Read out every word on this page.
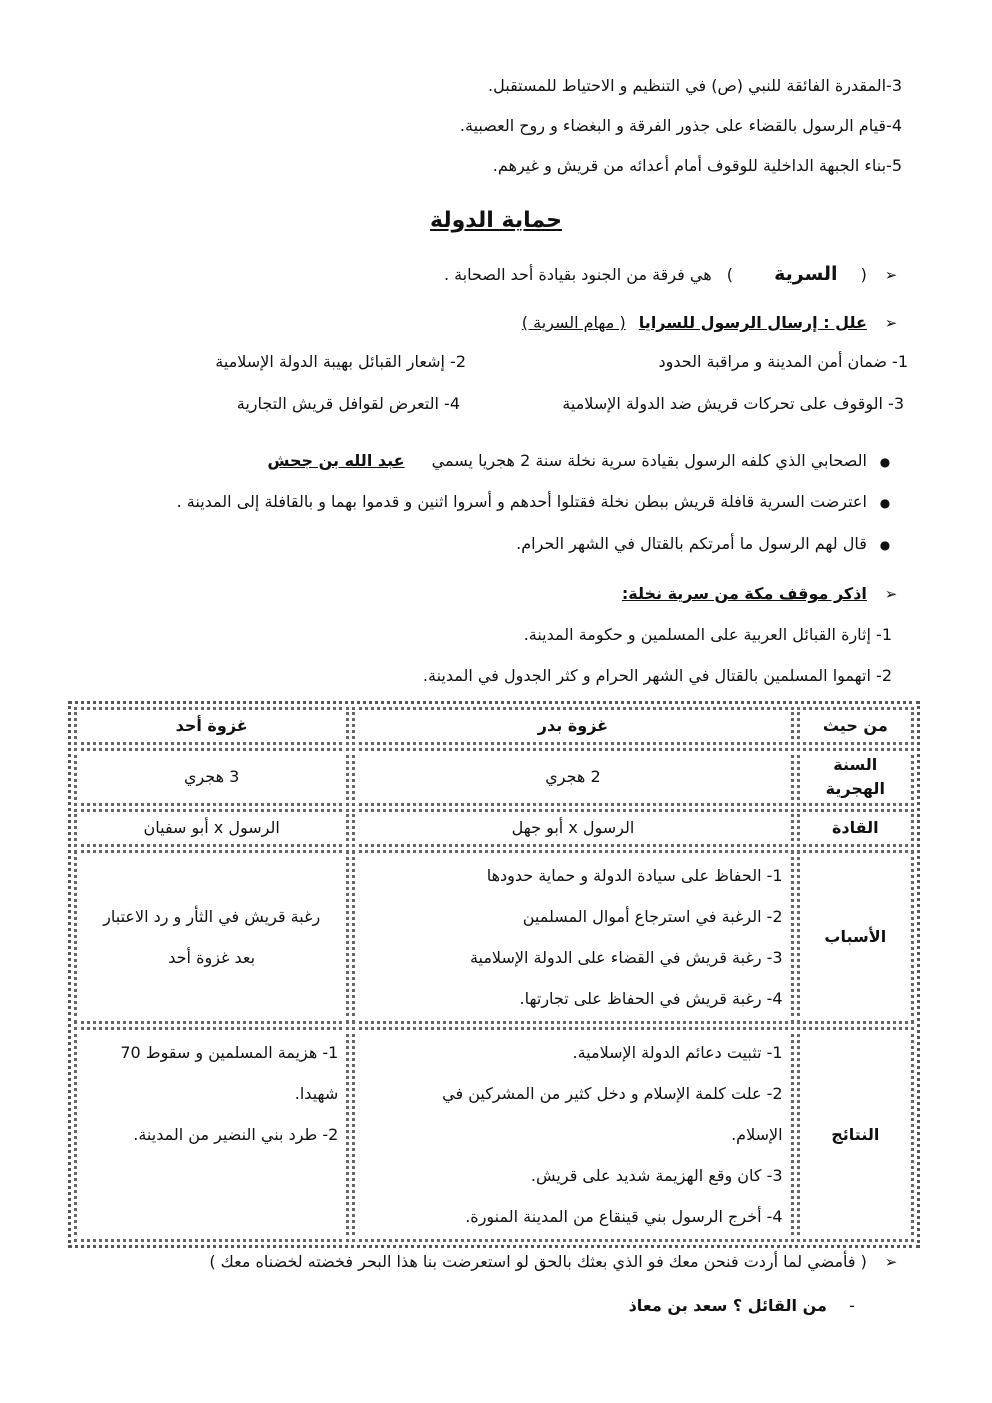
3-المقدرة الفائقة للنبي (ص) في التنظيم و الاحتياط للمستقبل.
4-قيام الرسول بالقضاء على جذور الفرقة و البغضاء و روح العصبية.
5-بناء الجبهة الداخلية للوقوف أمام أعدائه من قريش و غيرهم.
حماية الدولة
➢ ( السرية ) هي فرقة من الجنود بقيادة أحد الصحابة .
➢ علل : إرسال الرسول للسرايا ( مهام السرية )
1- ضمان أمن المدينة و مراقبة الحدود
2- إشعار القبائل بهيبة الدولة الإسلامية
3- الوقوف على تحركات قريش ضد الدولة الإسلامية
4- التعرض لقوافل قريش التجارية
● الصحابي الذي كلفه الرسول بقيادة سرية نخلة سنة 2 هجريا يسمي عبد الله بن جحش
● اعترضت السرية قافلة قريش ببطن نخلة فقتلوا أحدهم و أسروا اثنين و قدموا بهما و بالقافلة إلى المدينة .
● قال لهم الرسول ما أمرتكم بالقتال في الشهر الحرام.
➢ اذكر موقف مكة من سرية نخلة:
1- إثارة القبائل العربية على المسلمين و حكومة المدينة.
2- اتهموا المسلمين بالقتال في الشهر الحرام و كثر الجدول في المدينة.
من حيث	غزوة بدر	غزوة أحد
السنة الهجرية	2 هجري	3 هجري
القادة	الرسول x أبو جهل	الرسول x أبو سفيان
الأسباب	1- الحفاظ على سيادة الدولة و حماية حدودها
2- الرغبة في استرجاع أموال المسلمين
3- رغبة قريش في القضاء على الدولة الإسلامية
4- رغبة قريش في الحفاظ على تجارتها.	رغبة قريش في الثأر و رد الاعتبار
بعد غزوة أحد

النتائج	1- تثبيت دعائم الدولة الإسلامية.
2- علت كلمة الإسلام و دخل كثير من المشركين في
الإسلام.
3- كان وقع الهزيمة شديد على قريش.
4- أخرج الرسول بني قينقاع من المدينة المنورة.	1- هزيمة المسلمين و سقوط 70
شهيدا.
2- طرد بني النضير من المدينة.
➢ ( فأمضي لما أردت فنحن معك فو الذي بعثك بالحق لو استعرضت بنا هذا البحر فخضته لخضناه معك )
- من القائل ؟ سعد بن معاذ
